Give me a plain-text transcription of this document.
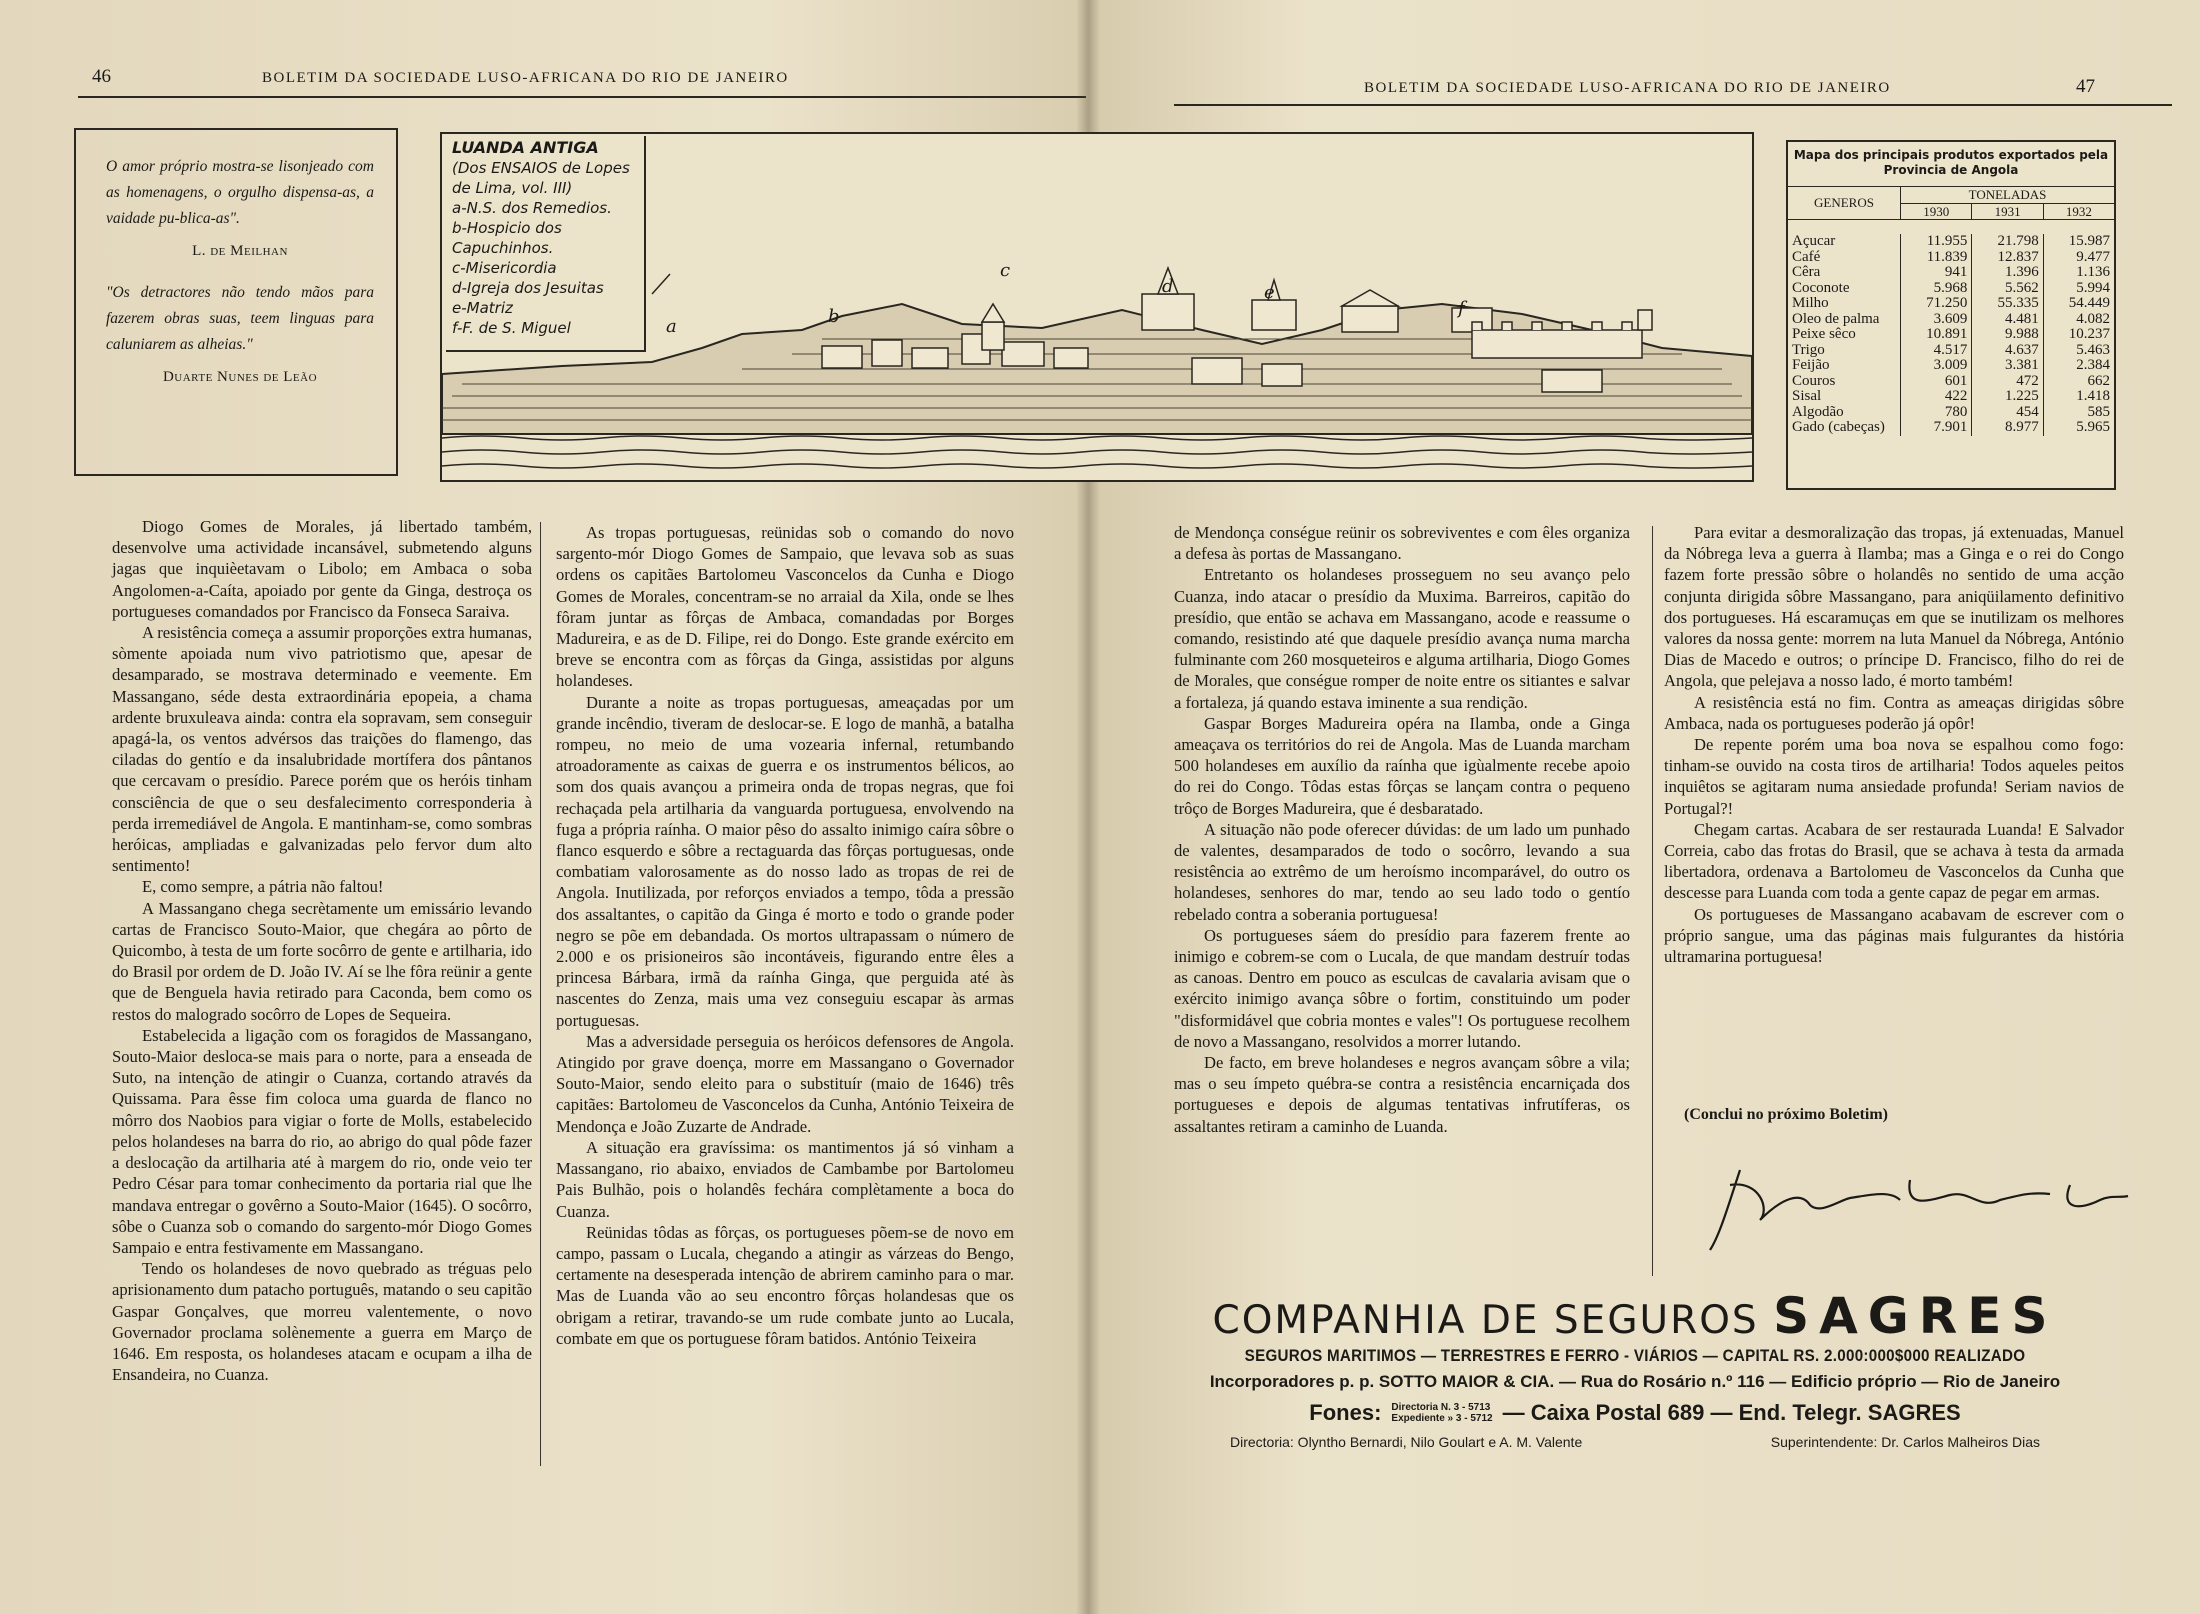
46	BOLETIM DA SOCIEDADE LUSO-AFRICANA DO RIO DE JANEIRO
O amor próprio mostra-se lisonjeado com as homenagens, o orgulho dispensa-as, a vaidade pu-blica-as".
L. de Meilhan
"Os detractores não tendo mãos para fazerem obras suas, teem linguas para caluniarem as alheias."
Duarte Nunes de Leão

Diogo Gomes de Morales, já libertado também, desenvolve uma actividade incansável, submetendo alguns jagas que inquièetavam o Libolo; em Ambaca o soba Angolomen-a-Caíta, apoiado por gente da Ginga, destroça os portugueses comandados por Francisco da Fonseca Saraiva.

A resistência começa a assumir proporções extra humanas, sòmente apoiada num vivo patriotismo que, apesar de desamparado, se mostrava determinado e veemente. Em Massangano, séde desta extraordinária epopeia, a chama ardente bruxuleava ainda: contra ela sopravam, sem conseguir apagá-la, os ventos advérsos das traições do flamengo, das ciladas do gentío e da insalubridade mortífera dos pântanos que cercavam o presídio. Parece porém que os heróis tinham consciência de que o seu desfalecimento corresponderia à perda irremediável de Angola. E mantinham-se, como sombras heróicas, ampliadas e galvanizadas pelo fervor dum alto sentimento!

E, como sempre, a pátria não faltou!

A Massangano chega secrètamente um emissário levando cartas de Francisco Souto-Maior, que chegára ao pôrto de Quicombo, à testa de um forte socôrro de gente e artilharia, ido do Brasil por ordem de D. João IV. Aí se lhe fôra reünir a gente que de Benguela havia retirado para Caconda, bem como os restos do malogrado socôrro de Lopes de Sequeira.

Estabelecida a ligação com os foragidos de Massangano, Souto-Maior desloca-se mais para o norte, para a enseada de Suto, na intenção de atingir o Cuanza, cortando através da Quissama. Para êsse fim coloca uma guarda de flanco no môrro dos Naobios para vigiar o forte de Molls, estabelecido pelos holandeses na barra do rio, ao abrigo do qual pôde fazer a deslocação da artilharia até à margem do rio, onde veio ter Pedro César para tomar conhecimento da portaria rial que lhe mandava entregar o govêrno a Souto-Maior (1645). O socôrro, sôbe o Cuanza sob o comando do sargento-mór Diogo Gomes Sampaio e entra festivamente em Massangano.

Tendo os holandeses de novo quebrado as tréguas pelo aprisionamento dum patacho português, matando o seu capitão Gaspar Gonçalves, que morreu valentemente, o novo Governador proclama solènemente a guerra em Março de 1646. Em resposta, os holandeses atacam e ocupam a ilha de Ensandeira, no Cuanza.

As tropas portuguesas, reünidas sob o comando do novo sargento-mór Diogo Gomes de Sampaio, que levava sob as suas ordens os capitães Bartolomeu Vasconcelos da Cunha e Diogo Gomes de Morales, concentram-se no arraial da Xila, onde se lhes fôram juntar as fôrças de Ambaca, comandadas por Borges Madureira, e as de D. Filipe, rei do Dongo. Este grande exército em breve se encontra com as fôrças da Ginga, assistidas por alguns holandeses.

Durante a noite as tropas portuguesas, ameaçadas por um grande incêndio, tiveram de deslocar-se. E logo de manhã, a batalha rompeu, no meio de uma vozearia infernal, retumbando atroadoramente as caixas de guerra e os instrumentos bélicos, ao som dos quais avançou a primeira onda de tropas negras, que foi rechaçada pela artilharia da vanguarda portuguesa, envolvendo na fuga a própria raínha. O maior pêso do assalto inimigo caíra sôbre o flanco esquerdo e sôbre a rectaguarda das fôrças portuguesas, onde combatiam valorosamente as do nosso lado as tropas de rei de Angola. Inutilizada, por reforços enviados a tempo, tôda a pressão dos assaltantes, o capitão da Ginga é morto e todo o grande poder negro se põe em debandada. Os mortos ultrapassam o número de 2.000 e os prisioneiros são incontáveis, figurando entre êles a princesa Bárbara, irmã da raínha Ginga, que perguida até às nascentes do Zenza, mais uma vez conseguiu escapar às armas portuguesas.

Mas a adversidade perseguia os heróicos defensores de Angola. Atingido por grave doença, morre em Massangano o Governador Souto-Maior, sendo eleito para o substituír (maio de 1646) três capitães: Bartolomeu de Vasconcelos da Cunha, António Teixeira de Mendonça e João Zuzarte de Andrade.

A situação era gravíssima: os mantimentos já só vinham a Massangano, rio abaixo, enviados de Cambambe por Bartolomeu Pais Bulhão, pois o holandês fechára complètamente a boca do Cuanza.

Reünidas tôdas as fôrças, os portugueses põem-se de novo em campo, passam o Lucala, chegando a atingir as várzeas do Bengo, certamente na desesperada intenção de abrirem caminho para o mar. Mas de Luanda vão ao seu encontro fôrças holandesas que os obrigam a retirar, travando-se um rude combate junto ao Lucala, combate em que os portuguese fôram batidos. António Teixeira

BOLETIM DA SOCIEDADE LUSO-AFRICANA DO RIO DE JANEIRO	47

de Mendonça conségue reünir os sobreviventes e com êles organiza a defesa às portas de Massangano.

Entretanto os holandeses prosseguem no seu avanço pelo Cuanza, indo atacar o presídio da Muxima. Barreiros, capitão do presídio, que então se achava em Massangano, acode e reassume o comando, resistindo até que daquele presídio avança numa marcha fulminante com 260 mosqueteiros e alguma artilharia, Diogo Gomes de Morales, que conségue romper de noite entre os sitiantes e salvar a fortaleza, já quando estava iminente a sua rendição.

Gaspar Borges Madureira opéra na Ilamba, onde a Ginga ameaçava os territórios do rei de Angola. Mas de Luanda marcham 500 holandeses em auxílio da raínha que igùalmente recebe apoio do rei do Congo. Tôdas estas fôrças se lançam contra o pequeno trôço de Borges Madureira, que é desbaratado.

A situação não pode oferecer dúvidas: de um lado um punhado de valentes, desamparados de todo o socôrro, levando a sua resistência ao extrêmo de um heroísmo incomparável, do outro os holandeses, senhores do mar, tendo ao seu lado todo o gentío rebelado contra a soberania portuguesa!

Os portugueses sáem do presídio para fazerem frente ao inimigo e cobrem-se com o Lucala, de que mandam destruír todas as canoas. Dentro em pouco as esculcas de cavalaria avisam que o exército inimigo avança sôbre o fortim, constituindo um poder "disformidável que cobria montes e vales"! Os portuguese recolhem de novo a Massangano, resolvidos a morrer lutando.

De facto, em breve holandeses e negros avançam sôbre a vila; mas o seu ímpeto québra-se contra a resistência encarniçada dos portugueses e depois de algumas tentativas infrutíferas, os assaltantes retiram a caminho de Luanda.

Para evitar a desmoralização das tropas, já extenuadas, Manuel da Nóbrega leva a guerra à Ilamba; mas a Ginga e o rei do Congo fazem forte pressão sôbre o holandês no sentido de uma acção conjunta dirigida sôbre Massangano, para aniqüilamento definitivo dos portugueses. Há escaramuças em que se inutilizam os melhores valores da nossa gente: morrem na luta Manuel da Nóbrega, António Dias de Macedo e outros; o príncipe D. Francisco, filho do rei de Angola, que pelejava a nosso lado, é morto também!

A resistência está no fim. Contra as ameaças dirigidas sôbre Ambaca, nada os portugueses poderão já opôr!

De repente porém uma boa nova se espalhou como fogo: tinham-se ouvido na costa tiros de artilharia! Todos aqueles peitos inquiêtos se agitaram numa ansiedade profunda! Seriam navios de Portugal?!

Chegam cartas. Acabara de ser restaurada Luanda! E Salvador Correia, cabo das frotas do Brasil, que se achava à testa da armada libertadora, ordenava a Bartolomeu de Vasconcelos da Cunha que descesse para Luanda com toda a gente capaz de pegar em armas.

Os portugueses de Massangano acabavam de escrever com o próprio sangue, uma das páginas mais fulgurantes da história ultramarina portuguesa!

LUANDA ANTIGA
(Dos ENSAIOS de Lopes de Lima, vol. III)
a-N.S. dos Remedios.
b-Hospicio dos Capuchinhos.
c-Misericordia
d-Igreja dos Jesuitas
e-Matriz
f-F. de S. Miguel	a	b
c
d	e
f
Mapa dos principais produtos exportados pela Provincia de Angola
GENEROS	TONELADAS		
	1930	1931	1932

Açucar	11.955	21.798	15.987
Café	11.839	12.837	9.477
Cêra	941	1.396	1.136
Coconote	5.968	5.562	5.994
Milho	71.250	55.335	54.449
Oleo de palma	3.609	4.481	4.082
Peixe sêco	10.891	9.988	10.237
Trigo	4.517	4.637	5.463
Feijão	3.009	3.381	2.384
Couros	601	472	662
Sisal	422	1.225	1.418
Algodão	780	454	585
Gado (cabeças)	7.901	8.977	5.965
(Conclui no próximo Boletim)
COMPANHIA DE SEGUROS SAGRES
SEGUROS MARITIMOS — TERRESTRES E FERRO - VIÁRIOS — CAPITAL RS. 2.000:000$000 REALIZADO
Incorporadores p. p. SOTTO MAIOR & CIA. — Rua do Rosário n.º 116 — Edificio próprio — Rio de Janeiro
Fones: Directoria N. 3 - 5713
Expediente » 3 - 5712 — Caixa Postal 689 — End. Telegr. SAGRES
Directoria: Olyntho Bernardi, Nilo Goulart e A. M. Valente	Superintendente: Dr. Carlos Malheiros Dias
